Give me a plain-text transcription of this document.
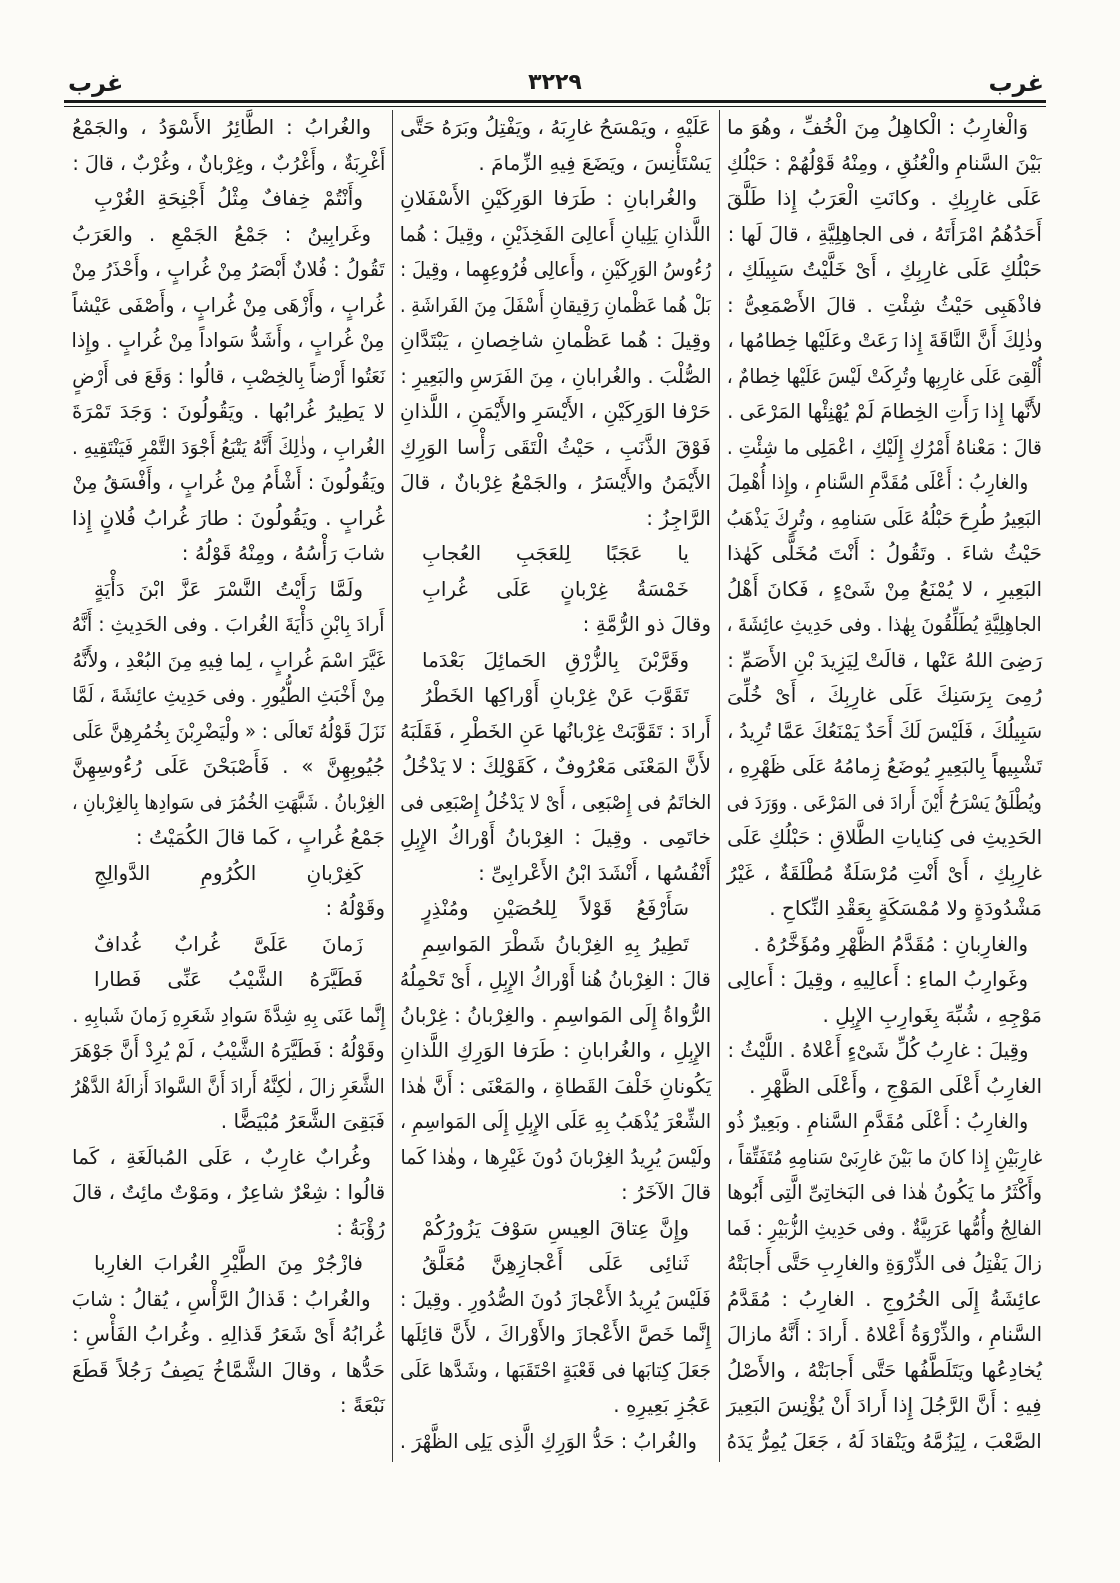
غرب
٣٢٢٩
غرب
وَالْغارِبُ : الْكاهِلُ مِنَ الْخُفِّ ، وهُوَ ما
بَيْنَ السَّنامِ والْعُنُقِ ، ومِنْهُ قَوْلُهُمْ : حَبْلُكِ
عَلَى غارِبِكِ . وكانَتِ الْعَرَبُ إِذا طَلَّقَ
أَحَدُهُمُ امْرَأَتَهُ ، فى الجاهِلِيَّةِ ، قالَ لَها :
حَبْلُكِ عَلَى غارِبِكِ ، أَىْ خَلَّيْتُ سَبِيلَكِ ،
فاذْهَبِى حَيْثُ شِئْتِ . قالَ الأَصْمَعِىُّ :
وذٰلِكَ أَنَّ النَّاقَةَ إِذا رَعَتْ وعَلَيْها خِطامُها ،
أُلْقِىَ عَلَى غارِبِها وتُرِكَتْ لَيْسَ عَلَيْها خِطامٌ ،
لأَنَّها إِذا رَأَتِ الخِطامَ لَمْ يُهْنِئْها المَرْعَى .
قالَ : مَعْناهُ أَمْرُكِ إِلَيْكِ ، اعْمَلِى ما شِئْتِ .
والغارِبُ : أَعْلَى مُقَدَّمِ السَّنامِ ، وإِذا أُهْمِلَ
البَعِيرُ طُرِحَ حَبْلُهُ عَلَى سَنامِهِ ، وتُرِكَ يَذْهَبُ
حَيْثُ شاءَ . وتَقُولُ : أَنْتَ مُخَلًّى كَهٰذا
البَعِيرِ ، لا يُمْنَعُ مِنْ شَىْءٍ ، فَكانَ أَهْلُ
الجاهِلِيَّةِ يُطَلِّقُونَ بِهٰذا . وفى حَدِيثِ عائِشَةَ ،
رَضِىَ اللهُ عَنْها ، قالَتْ لِيَزِيدَ بْنِ الأَصَمِّ :
رُمِىَ بِرَسَنِكَ عَلَى غارِبِكَ ، أَىْ خُلِّىَ
سَبِيلُكَ ، فَلَيْسَ لَكَ أَحَدٌ يَمْنَعُكَ عَمَّا تُرِيدُ ،
تَشْبِيهاً بِالبَعِيرِ يُوضَعُ زِمامُهُ عَلَى ظَهْرِهِ ،
ويُطْلَقُ يَسْرَحُ أَيْنَ أَرادَ فى المَرْعَى . ووَرَدَ فى
الحَدِيثِ فى كِناياتِ الطَّلاقِ : حَبْلُكِ عَلَى
غارِبِكِ ، أَىْ أَنْتِ مُرْسَلَةٌ مُطْلَقَةٌ ، غَيْرُ
مَشْدُودَةٍ ولا مُمْسَكَةٍ بِعَقْدِ النِّكاحِ .
والغارِبانِ : مُقَدَّمُ الظَّهْرِ ومُؤَخَّرُهُ .
وغَوارِبُ الماءِ : أَعالِيهِ ، وقِيلَ : أَعالِى
مَوْجِهِ ، شُبِّهَ بِغَوارِبِ الإِبِلِ .
وقِيلَ : غارِبُ كُلِّ شَىْءٍ أَعْلاهُ . اللَّيْثُ :
الغارِبُ أَعْلَى المَوْجِ ، وأَعْلَى الظَّهْرِ .
والغارِبُ : أَعْلَى مُقَدَّمِ السَّنامِ . وبَعِيرٌ ذُو
غارِبَيْنِ إِذا كانَ ما بَيْنَ غارِبَىْ سَنامِهِ مُتَفَتِّقاً ،
وأَكْثَرُ ما يَكُونُ هٰذا فى البَخاتِىِّ الَّتِى أَبُوها
الفالِجُ وأُمُّها عَرَبِيَّةٌ . وفى حَدِيثِ الزُّبَيْرِ : فَما
زالَ يَفْتِلُ فى الذِّرْوَةِ والغارِبِ حَتَّى أَجابَتْهُ
عائِشَةُ إِلَى الخُرُوجِ . الغارِبُ : مُقَدَّمُ
السَّنامِ ، والذِّرْوَةُ أَعْلاهُ . أَرادَ : أَنَّهُ مازالَ
يُخادِعُها ويَتَلَطَّفُها حَتَّى أَجابَتْهُ ، والأَصْلُ
فِيهِ : أَنَّ الرَّجُلَ إِذا أَرادَ أَنْ يُؤْنِسَ البَعِيرَ
الصَّعْبَ ، لِيَزُمَّهُ ويَنْقادَ لَهُ ، جَعَلَ يُمِرُّ يَدَهُ
عَلَيْهِ ، ويَمْسَحُ غارِبَهُ ، ويَفْتِلُ وبَرَهُ حَتَّى
يَسْتَأْنِسَ ، ويَضَعَ فِيهِ الزِّمامَ .
والغُرابانِ : طَرَفا الوَرِكَيْنِ الأَسْفَلانِ
اللَّذانِ يَلِيانِ أَعالِىَ الفَخِذَيْنِ ، وقِيلَ : هُما
رُءُوسُ الوَرِكَيْنِ ، وأَعالِى فُرُوعِهِما ، وقِيلَ :
بَلْ هُما عَظْمانِ رَقِيقانِ أَسْفَلَ مِنَ الفَراشَةِ .
وقِيلَ : هُما عَظْمانِ شاخِصانِ ، يَبْتَدَّانِ
الصُّلْبَ . والغُرابانِ ، مِنَ الفَرَسِ والبَعِيرِ :
حَرْفا الوَرِكَيْنِ ، الأَيْسَرِ والأَيْمَنِ ، اللَّذانِ
فَوْقَ الذَّنَبِ ، حَيْثُ الْتَقَى رَأْسا الوَرِكِ
الأَيْمَنُ والأَيْسَرُ ، والجَمْعُ غِرْبانٌ ، قالَ
الرَّاجِزُ :
يا عَجَبًا لِلعَجَبِ العُجابِ
خَمْسَةُ غِرْبانٍ عَلَى غُرابِ
وقالَ ذو الرُّمَّةِ :
وقَرَّبْنَ بِالزُّرْقِ الحَمائِلَ بَعْدَما
تَقَوَّبَ عَنْ غِرْبانِ أَوْراكِها الخَطْرُ
أَرادَ : تَقَوَّبَتْ غِرْبانُها عَنِ الخَطْرِ ، فَقَلَبَهُ
لأَنَّ المَعْنَى مَعْرُوفٌ ، كَقَوْلِكَ : لا يَدْخُلُ
الخاتَمُ فى إِصْبَعِى ، أَىْ لا يَدْخُلُ إِصْبَعِى فى
خاتَمِى . وقِيلَ : الغِرْبانُ أَوْراكُ الإِبِلِ
أَنْفُسُها ، أَنْشَدَ ابْنُ الأَعْرابِىِّ :
سَأَرْفَعُ قَوْلاً لِلحُصَيْنِ ومُنْذِرٍ
تَطِيرُ بِهِ الغِرْبانُ شَطْرَ المَواسِمِ
قالَ : الغِرْبانُ هُنا أَوْراكُ الإِبِلِ ، أَىْ تَحْمِلُهُ
الرُّواةُ إِلَى المَواسِمِ . والغِرْبانُ : غِرْبانُ
الإِبِلِ ، والغُرابانِ : طَرَفا الوَرِكِ اللَّذانِ
يَكُونانِ خَلْفَ القَطاةِ ، والمَعْنَى : أَنَّ هٰذا
الشِّعْرَ يُذْهَبُ بِهِ عَلَى الإِبِلِ إِلَى المَواسِمِ ،
ولَيْسَ يُرِيدُ الغِرْبانَ دُونَ غَيْرِها ، وهٰذا كَما
قالَ الآخَرُ :
وإِنَّ عِتاقَ العِيسِ سَوْفَ يَزُورُكُمْ
ثَنائِى عَلَى أَعْجازِهِنَّ مُعَلَّقُ
فَلَيْسَ يُرِيدُ الأَعْجازَ دُونَ الصُّدُورِ . وقِيلَ :
إِنَّما خَصَّ الأَعْجازَ والأَوْراكَ ، لأَنَّ قائِلَها
جَعَلَ كِتابَها فى قَعْبَةٍ احْتَقَبَها ، وشَدَّها عَلَى
عَجُزِ بَعِيرِهِ .
والغُرابُ : حَدُّ الوَرِكِ الَّذِى يَلِى الظَّهْرَ .
والغُرابُ : الطَّائِرُ الأَسْوَدُ ، والجَمْعُ
أَغْرِبَةٌ ، وأَغْرُبٌ ، وغِرْبانٌ ، وغُرْبٌ ، قالَ :
وأَنْتُمْ خِفافٌ مِثْلُ أَجْنِحَةِ الغُرْبِ
وغَرابِينُ : جَمْعُ الجَمْعِ . والعَرَبُ
تَقُولُ : فُلانٌ أَبْصَرُ مِنْ غُرابٍ ، وأَحْذَرُ مِنْ
غُرابٍ ، وأَزْهَى مِنْ غُرابٍ ، وأَصْفَى عَيْشاً
مِنْ غُرابٍ ، وأَشَدُّ سَواداً مِنْ غُرابٍ . وإِذا
نَعَتُوا أَرْضاً بِالخِصْبِ ، قالُوا : وَقَعَ فى أَرْضٍ
لا يَطِيرُ غُرابُها . ويَقُولُونَ : وَجَدَ تَمْرَةَ
الغُرابِ ، وذٰلِكَ أَنَّهُ يَتْبَعُ أَجْوَدَ التَّمْرِ فَيَنْتَقِيهِ .
ويَقُولُونَ : أَشْأَمُ مِنْ غُرابٍ ، وأَفْسَقُ مِنْ
غُرابٍ . ويَقُولُونَ : طارَ غُرابُ فُلانٍ إِذا
شابَ رَأْسُهُ ، ومِنْهُ قَوْلُهُ :
ولَمَّا رَأَيْتُ النَّسْرَ عَزَّ ابْنَ دَأْيَةٍ
أَرادَ بِابْنِ دَأْيَةَ الغُرابَ . وفى الحَدِيثِ : أَنَّهُ
غَيَّرَ اسْمَ غُرابٍ ، لِما فِيهِ مِنَ البُعْدِ ، ولأَنَّهُ
مِنْ أَخْبَثِ الطُّيُورِ . وفى حَدِيثِ عائِشَةَ ، لَمَّا
نَزَلَ قَوْلُهُ تَعالَى : « ولْيَضْرِبْنَ بِخُمُرِهِنَّ عَلَى
جُيُوبِهِنَّ » . فَأَصْبَحْنَ عَلَى رُءُوسِهِنَّ
الغِرْبانُ . شَبَّهَتِ الخُمُرَ فى سَوادِها بِالغِرْبانِ ،
جَمْعُ غُرابٍ ، كَما قالَ الكُمَيْتُ :
كَغِرْبانِ الكُرُومِ الدَّوالِجِ
وقَوْلُهُ :
زَمانَ عَلَىَّ غُرابٌ غُدافٌ
فَطَيَّرَهُ الشَّيْبُ عَنِّى فَطارا
إِنَّما عَنَى بِهِ شِدَّةَ سَوادِ شَعَرِهِ زَمانَ شَبابِهِ .
وقَوْلُهُ : فَطَيَّرَهُ الشَّيْبُ ، لَمْ يُرِدْ أَنَّ جَوْهَرَ
الشَّعَرِ زالَ ، لٰكِنَّهُ أَرادَ أَنَّ السَّوادَ أَزالَهُ الدَّهْرُ
فَبَقِىَ الشَّعَرُ مُبْيَضًّا .
وغُرابٌ غارِبٌ ، عَلَى المُبالَغَةِ ، كَما
قالُوا : شِعْرٌ شاعِرٌ ، ومَوْتٌ مائِتٌ ، قالَ
رُؤْبَةُ :
فازْجُرْ مِنَ الطَّيْرِ الغُرابَ الغارِبا
والغُرابُ : قَذالُ الرَّأْسِ ، يُقالُ : شابَ
غُرابُهُ أَىْ شَعَرُ قَذالِهِ . وغُرابُ الفَأْسِ :
حَدُّها ، وقالَ الشَّمَّاخُ يَصِفُ رَجُلاً قَطَعَ
نَبْعَةً :
